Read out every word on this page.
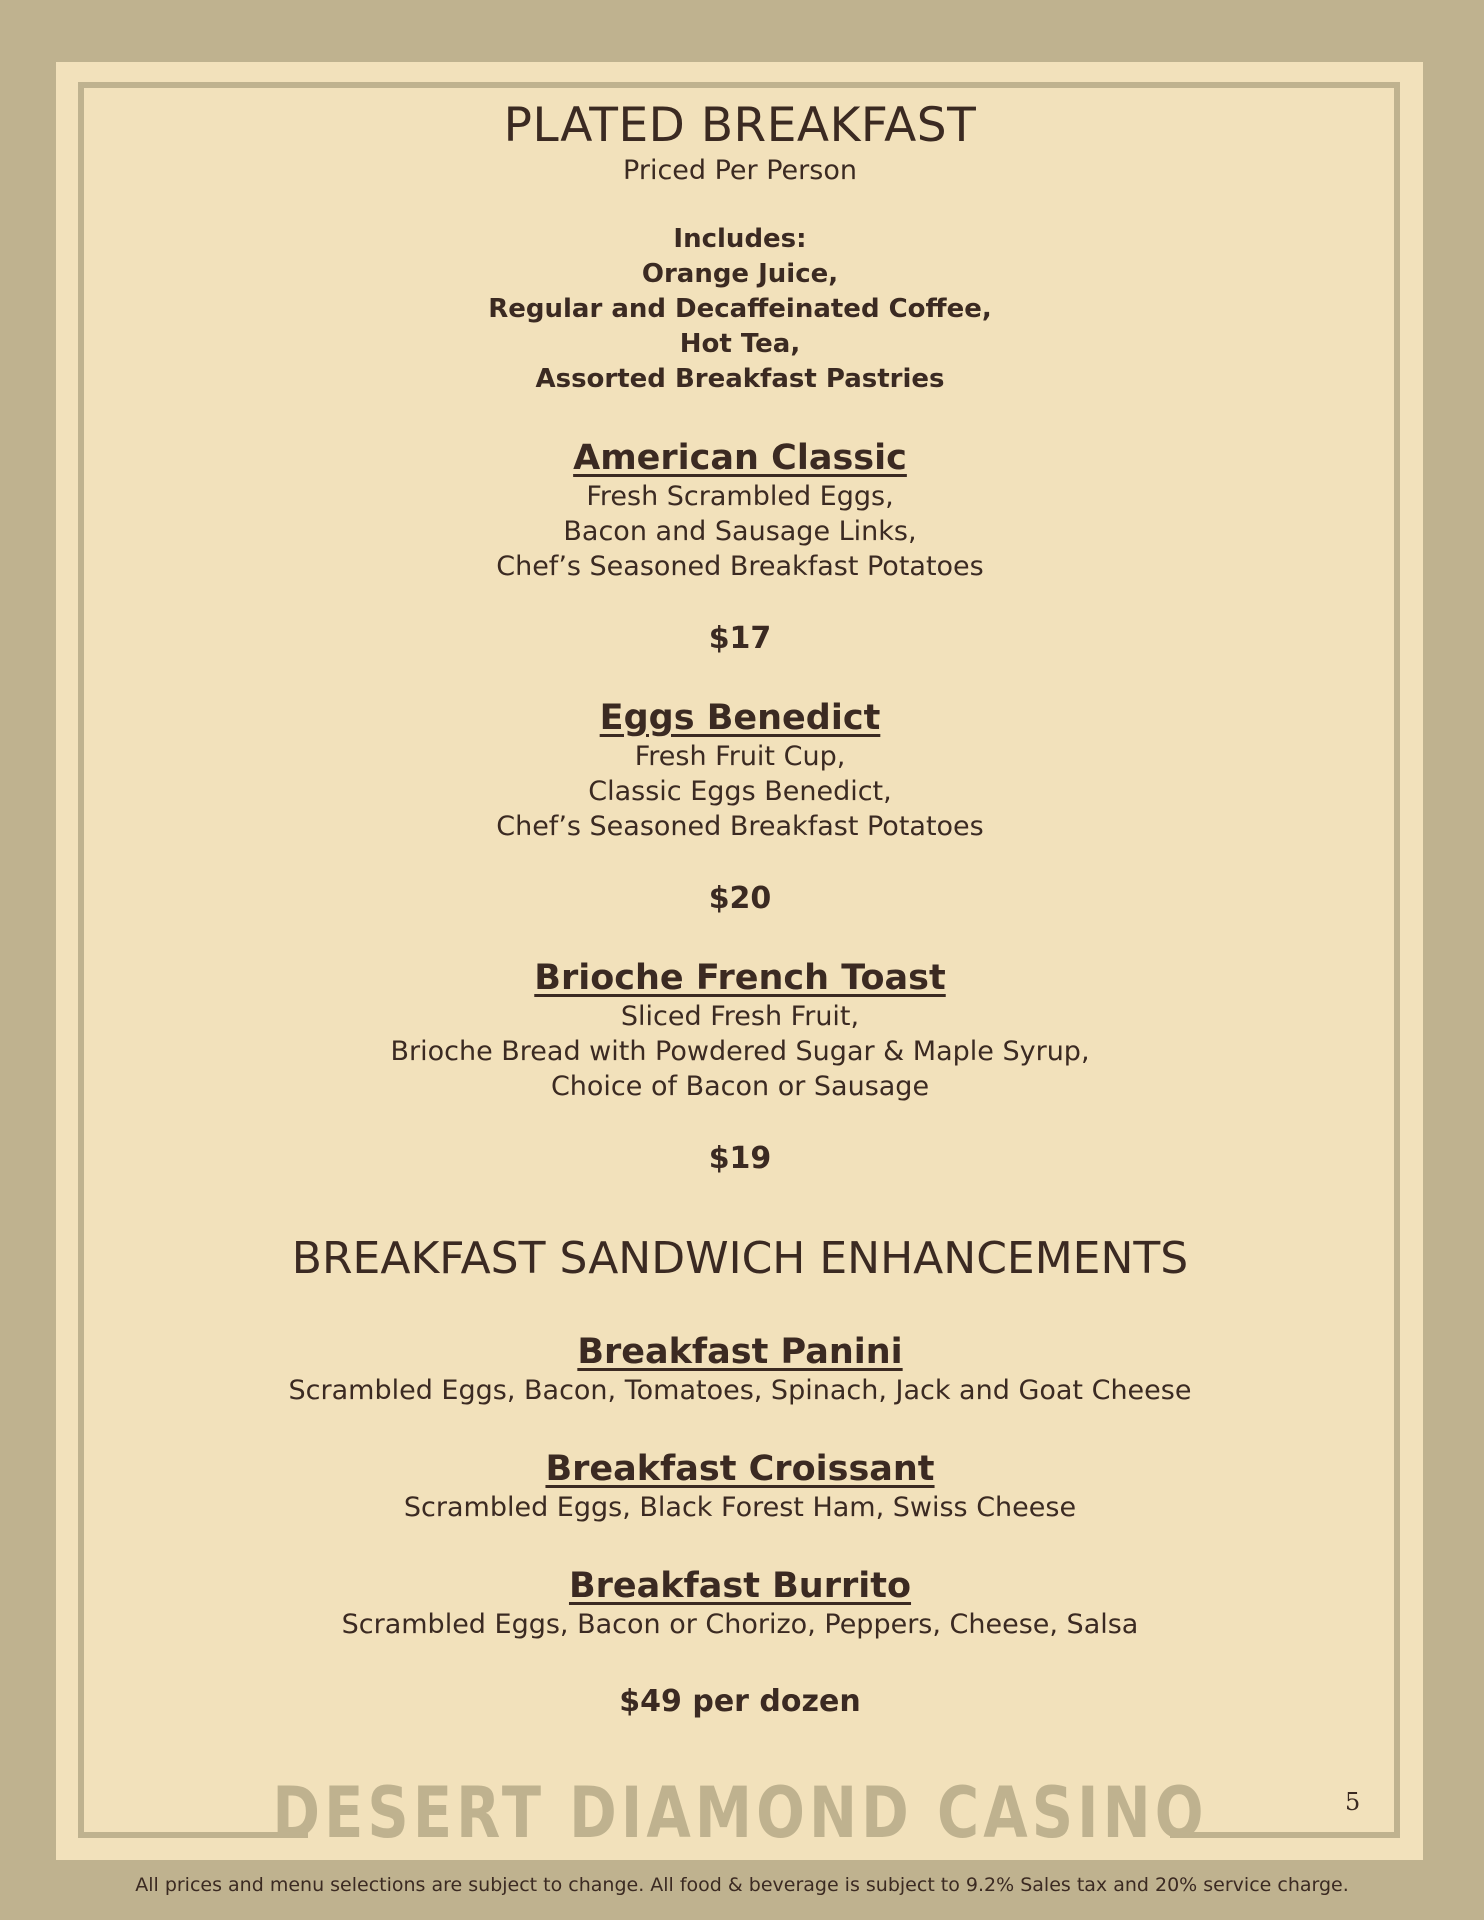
PLATED BREAKFAST
Priced Per Person
Includes:
Orange Juice,
Regular and Decaffeinated Coffee,
Hot Tea,
Assorted Breakfast Pastries
American Classic
Fresh Scrambled Eggs,
Bacon and Sausage Links,
Chef’s Seasoned Breakfast Potatoes
$17
Eggs Benedict
Fresh Fruit Cup,
Classic Eggs Benedict,
Chef’s Seasoned Breakfast Potatoes
$20
Brioche French Toast
Sliced Fresh Fruit,
Brioche Bread with Powdered Sugar & Maple Syrup,
Choice of Bacon or Sausage
$19
BREAKFAST SANDWICH ENHANCEMENTS
Breakfast Panini
Scrambled Eggs, Bacon, Tomatoes, Spinach, Jack and Goat Cheese
Breakfast Croissant
Scrambled Eggs, Black Forest Ham, Swiss Cheese
Breakfast Burrito
Scrambled Eggs, Bacon or Chorizo, Peppers, Cheese, Salsa
$49 per dozen
DESERT DIAMOND CASINO	5
All prices and menu selections are subject to change. All food & beverage is subject to 9.2% Sales tax and 20% service charge.
